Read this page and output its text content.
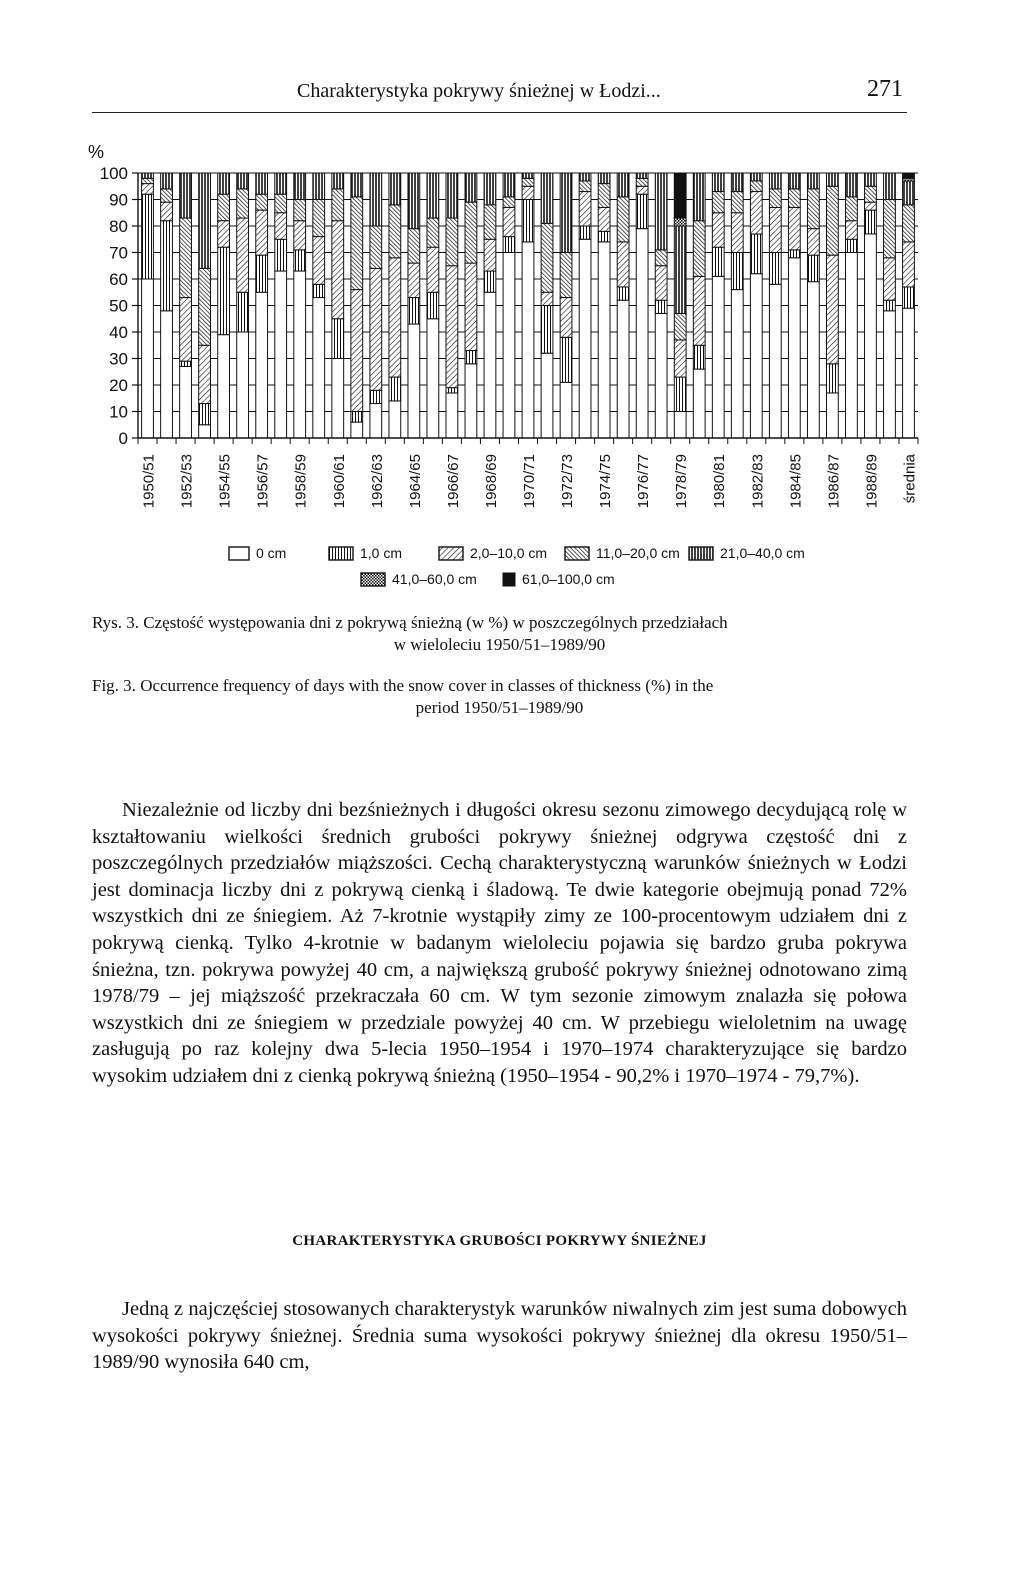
Charakterystyka pokrywy śnieżnej w Łodzi...	271
0
10
20
30
40
50
60
70
80
90
100
%
1950/51 1952/53 1954/55 1956/57 1958/59 1960/61 1962/63 1964/65 1966/67 1968/69 1970/71 1972/73 1974/75 1976/77 1978/79 1980/81 1982/83 1984/85 1986/87 1988/89 średnia
0 cm	1,0 cm	2,0–10,0 cm	11,0–20,0 cm	21,0–40,0 cm
41,0–60,0 cm	61,0–100,0 cm
Rys. 3. Częstość występowania dni z pokrywą śnieżną (w %) w poszczególnych przedziałach
w wieloleciu 1950/51–1989/90
Fig. 3. Occurrence frequency of days with the snow cover in classes of thickness (%) in the
period 1950/51–1989/90

Niezależnie od liczby dni bezśnieżnych i długości okresu sezonu zimowego decydującą rolę w kształtowaniu wielkości średnich grubości pokrywy śnieżnej odgrywa częstość dni z poszczególnych przedziałów miąższości. Cechą charakterystyczną warunków śnieżnych w Łodzi jest dominacja liczby dni z pokrywą cienką i śladową. Te dwie kategorie obejmują ponad 72% wszystkich dni ze śniegiem. Aż 7-krotnie wystąpiły zimy ze 100-procentowym udziałem dni z pokrywą cienką. Tylko 4-krotnie w badanym wieloleciu pojawia się bardzo gruba pokrywa śnieżna, tzn. pokrywa powyżej 40 cm, a największą grubość pokrywy śnieżnej odnotowano zimą 1978/79 – jej miąższość przekraczała 60 cm. W tym sezonie zimowym znalazła się połowa wszystkich dni ze śniegiem w przedziale powyżej 40 cm. W przebiegu wieloletnim na uwagę zasługują po raz kolejny dwa 5-lecia 1950–1954 i 1970–1974 charakteryzujące się bardzo wysokim udziałem dni z cienką pokrywą śnieżną (1950–1954 - 90,2% i 1970–1974 - 79,7%).

CHARAKTERYSTYKA GRUBOŚCI POKRYWY ŚNIEŻNEJ

Jedną z najczęściej stosowanych charakterystyk warunków niwalnych zim jest suma dobowych wysokości pokrywy śnieżnej. Średnia suma wysokości pokrywy śnieżnej dla okresu 1950/51–1989/90 wynosiła 640 cm,
